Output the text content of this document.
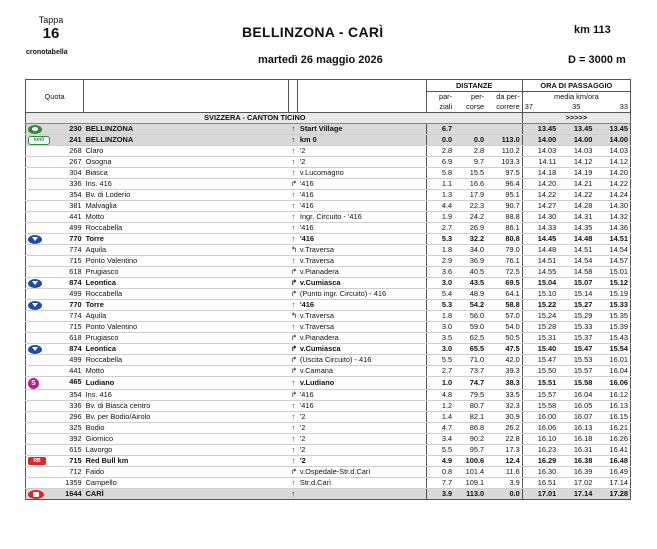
Tappa
16
cronotabella
BELLINZONA - CARÌ
martedì 26 maggio 2026
km 113
D = 3000 m
				DISTANZE			ORA DI PASSAGGIO		
Quota				par-	per-	da per-	media km/ora		
				ziali	corse	correre	37	35	33
	SVIZZERA - CANTON TICINO						>>>>>		

230	BELLINZONA	↑	Start Village	6.7			13.45	13.45	13.45

km0 241	BELLINZONA	↑	km 0	0.0	0.0	113.0	14.00	14.00	14.00
268	Claro	↑	'2	2.8	2.8	110.2	14.03	14.03	14.03
267	Osogna	↑	'2	6.9	9.7	103.3	14.11	14.12	14.12
304	Biasca	↑	v.Lucomagno	5.8	15.5	97.5	14.18	14.19	14.20
336	Ins. 416	↱	'416	1.1	16.6	96.4	14.20	14.21	14.22
354	Bv. di Loderio	↑	'416	1.3	17.9	95.1	14.22	14.22	14.24
381	Malvaglia	↑	'416	4.4	22.3	90.7	14.27	14.28	14.30
441	Motto	↑	Ingr. Circuito - '416	1.9	24.2	88.8	14.30	14.31	14.32
499	Roccabella	↑	'416	2.7	26.9	86.1	14.33	14.35	14.36

770	Torre	↑	'416	5.3	32.2	80.8	14.45	14.48	14.51
774	Aquila	↰	v.Traversa	1.8	34.0	79.0	14.48	14.51	14.54
715	Ponto Valentino	↑	v.Traversa	2.9	36.9	76.1	14.51	14.54	14.57
618	Prugiasco	↱	v.Pianadera	3.6	40.5	72.5	14.55	14.58	15.01

874	Leontica	↱	v.Cumiasca	3.0	43.5	69.5	15.04	15.07	15.12
499	Roccabella	↱	(Punto ingr. Circuito) - 416	5.4	48.9	64.1	15.10	15.14	15.19

770	Torre	↑	'416	5.3	54.2	58.8	15.22	15.27	15.33
774	Aquila	↰	v.Traversa	1.8	56.0	57.0	15.24	15.29	15.35
715	Ponto Valentino	↑	v.Traversa	3.0	59.0	54.0	15.28	15.33	15.39
618	Prugiasco	↱	v.Pianadera	3.5	62.5	50.5	15.31	15.37	15.43

874	Leontica	↱	v.Cumiasca	3.0	65.5	47.5	15.40	15.47	15.54
499	Roccabella	↱	(Uscita Circuito) - 416	5.5	71.0	42.0	15.47	15.53	16.01
441	Motto	↱	v.Camana	2.7	73.7	39.3	15.50	15.57	16.04

S 465	Ludiano	↑	v.Ludiano	1.0	74.7	38.3	15.51	15.58	16.06
354	Ins. 416	↱	'416	4.8	79.5	33.5	15.57	16.04	16.12
336	Bv. di Biasca centro	↑	'416	1.2	80.7	32.3	15.58	16.05	16.13
296	Bv. per Bodio/Airolo	↑	'2	1.4	82.1	30.9	16.00	16.07	16.15
325	Bodio	↑	'2	4.7	86.8	26.2	16.06	16.13	16.21
392	Giornico	↑	'2	3.4	90.2	22.8	16.10	16.18	16.26
615	Lavorgo	↑	'2	5.5	95.7	17.3	16.23	16.31	16.41

RB 715	Red Bull km	↑	'2	4.9	100.6	12.4	16.29	16.38	16.48
712	Faido	↱	v.Ospedale-Str.d.Carì	0.8	101.4	11.6	16.30	16.39	16.49
1359	Campello	↑	Str.d.Carì	7.7	109.1	3.9	16.51	17.02	17.14

1644	CARÌ	↑		3.9	113.0	0.0	17.01	17.14	17.28
